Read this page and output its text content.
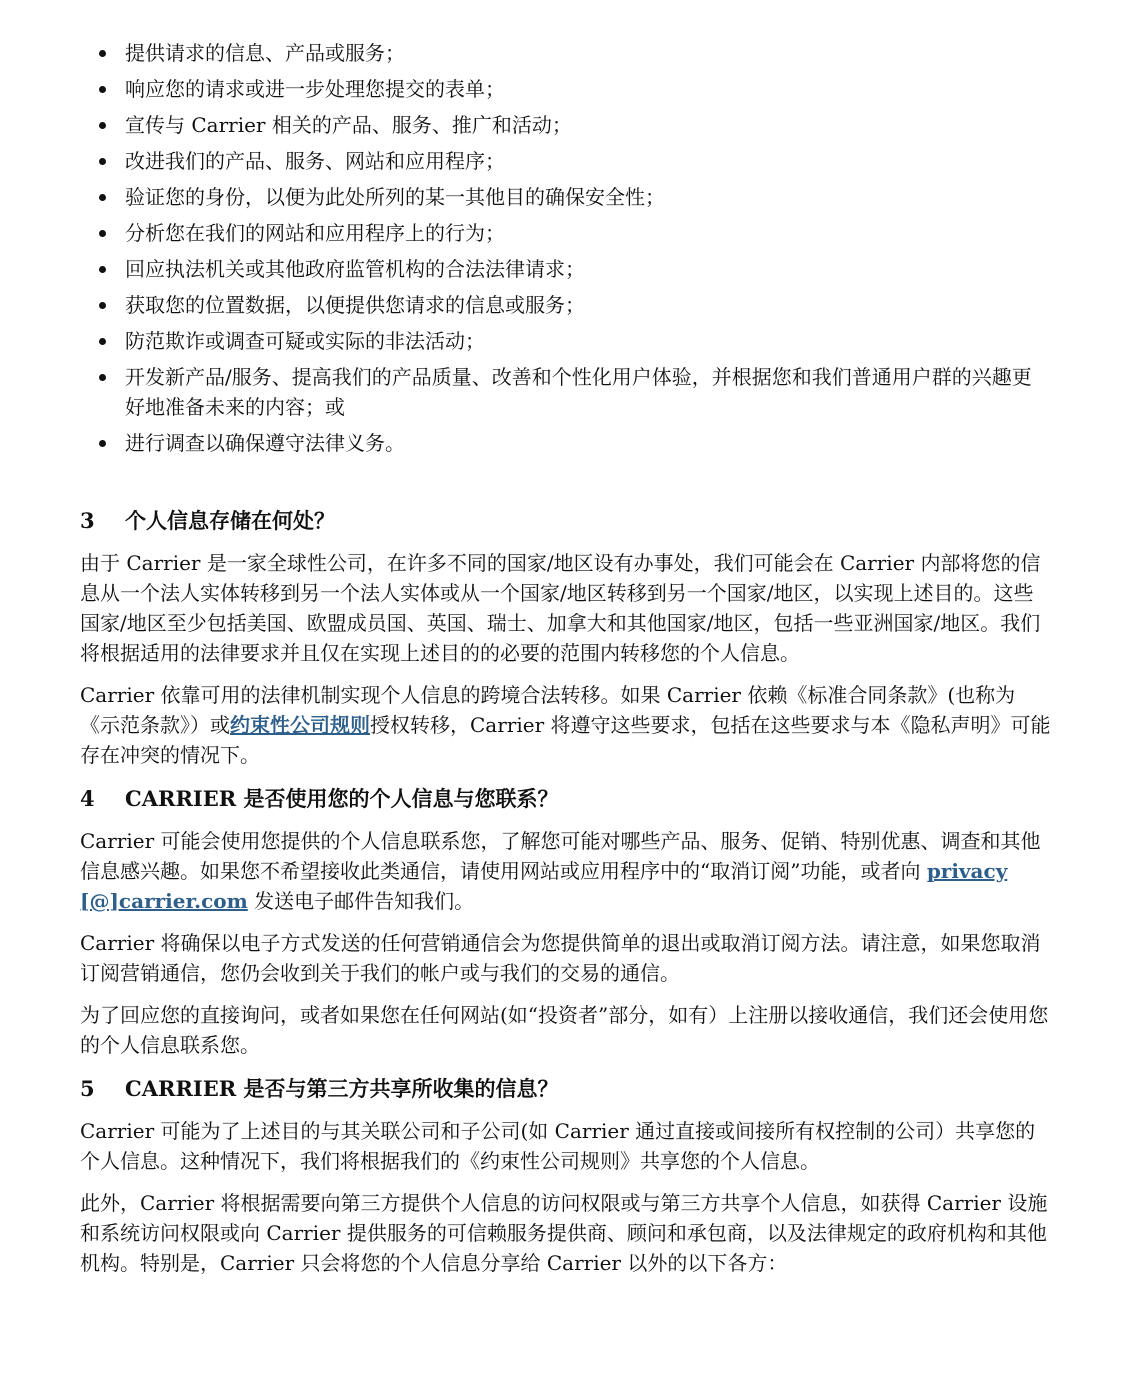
提供请求的信息、产品或服务；
响应您的请求或进一步处理您提交的表单；
宣传与 Carrier 相关的产品、服务、推广和活动；
改进我们的产品、服务、网站和应用程序；
验证您的身份，以便为此处所列的某一其他目的确保安全性；
分析您在我们的网站和应用程序上的行为；
回应执法机关或其他政府监管机构的合法法律请求；
获取您的位置数据，以便提供您请求的信息或服务；
防范欺诈或调查可疑或实际的非法活动；
开发新产品/服务、提高我们的产品质量、改善和个性化用户体验，并根据您和我们普通用户群的兴趣更好地准备未来的内容；或
进行调查以确保遵守法律义务。
3	个人信息存储在何处？

由于 Carrier 是一家全球性公司，在许多不同的国家/地区设有办事处，我们可能会在 Carrier 内部将您的信息从一个法人实体转移到另一个法人实体或从一个国家/地区转移到另一个国家/地区，以实现上述目的。这些国家/地区至少包括美国、欧盟成员国、英国、瑞士、加拿大和其他国家/地区，包括一些亚洲国家/地区。我们将根据适用的法律要求并且仅在实现上述目的的必要的范围内转移您的个人信息。

Carrier 依靠可用的法律机制实现个人信息的跨境合法转移。如果 Carrier 依赖《标准合同条款》(也称为《示范条款》）或约束性公司规则授权转移，Carrier 将遵守这些要求，包括在这些要求与本《隐私声明》可能存在冲突的情况下。

4	CARRIER 是否使用您的个人信息与您联系？

Carrier 可能会使用您提供的个人信息联系您，了解您可能对哪些产品、服务、促销、特别优惠、调查和其他信息感兴趣。如果您不希望接收此类通信，请使用网站或应用程序中的“取消订阅”功能，或者向 privacy [@]carrier.com 发送电子邮件告知我们。

Carrier 将确保以电子方式发送的任何营销通信会为您提供简单的退出或取消订阅方法。请注意，如果您取消订阅营销通信，您仍会收到关于我们的帐户或与我们的交易的通信。

为了回应您的直接询问，或者如果您在任何网站(如“投资者”部分，如有）上注册以接收通信，我们还会使用您的个人信息联系您。

5	CARRIER 是否与第三方共享所收集的信息？

Carrier 可能为了上述目的与其关联公司和子公司(如 Carrier 通过直接或间接所有权控制的公司）共享您的个人信息。这种情况下，我们将根据我们的《约束性公司规则》共享您的个人信息。

此外，Carrier 将根据需要向第三方提供个人信息的访问权限或与第三方共享个人信息，如获得 Carrier 设施和系统访问权限或向 Carrier 提供服务的可信赖服务提供商、顾问和承包商，以及法律规定的政府机构和其他机构。特别是，Carrier 只会将您的个人信息分享给 Carrier 以外的以下各方：
